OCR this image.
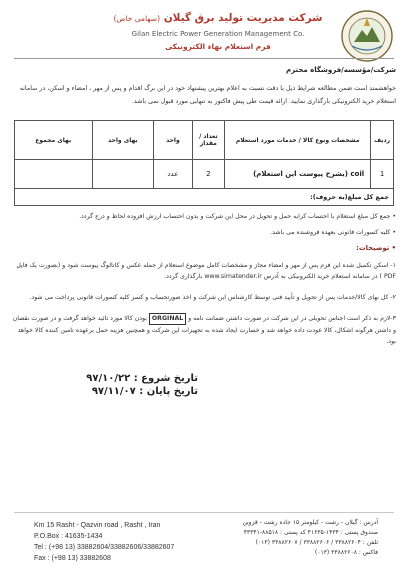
شرکت مدیریت تولید برق گیلان (سهامی خاص)
Gilan Electric Power Generation Management Co.
فرم استعلام بهاء الکترونیکی
شرکت/مؤسسه/فروشگاه محترم
خواهشمند است ضمن مطالعه شرایط ذیل با دقت نسبت به اعلام بهترین پیشنهاد خود در این برگ اقدام و پس از مهر ، امضاء و اسکن، در سامانه استعلام خرید الکترونیکی بارگذاری نمایید. ارائه قیمت طی پیش فاکتور به تنهایی مورد قبول نمی باشد.
ردیف	مشخصات ونوع کالا / خدمات مورد استعلام	تعداد / مقدار	واحد	بهای واحد	بهای مجموع
1	coil (بشرح پیوست این استعلام)	2	عدد		
جمع کل مبلغ(به حروف):					
• جمع کل مبلغ استعلام با احتساب کرایه حمل و تحویل در محل این شرکت و بدون احتساب ارزش افزوده لحاظ و درج گردد.
• کلیه کسورات قانونی بعهده فروشنده می باشد.
• توضیحات:
۱- اسکن تکمیل شده این فرم پس از مهر و امضاء مجاز و مشخصات کامل موضوع استعلام از جمله عکس و کاتالوگ پیوست شود و (بصورت یک فایل PDF ) در سامانه استعلام خرید الکترونیکی به آدرس www.simatender.ir بارگذاری گردد.
۲- کل بهای کالا/خدمات پس از تحویل و تأیید فنی توسط کارشناس این شرکت و اخذ صورتحساب و کسر کلیه کسورات قانونی پرداخت می شود.
۳-لازم به ذکر است اجناس تحویلی در این شرکت در صورت داشتن ضمانت نامه و ORGINAL بودن کالا مورد تائید خواهد گرفت و در صورت نقصان و داشتن هرگونه اشکال، کالا عودت داده خواهد شد و خسارت ایجاد شده به تجهیزات این شرکت و همچنین هزینه حمل برعهده تامین کننده کالا خواهد بود.
تاریخ شروع : ۹۷/۱۰/۲۲
تاریخ پایان : ۹۷/۱۱/۰۷
Km 15 Rasht - Qazvin road , Rasht , Iran
P.O.Box : 41635-1434
Tel : (+98 13) 33882604/33882606/33882607
Fax : (+98 13) 33882608
آدرس : گیلان - رشت - کیلومتر ۱۵ جاده رشت - قزوین
صندوق پستی : ۱۴۳۴-۴۱۶۳۵ کد پستی : ۸۸۵۱۸-۴۳۳۴۱
تلفن : ۳۳۸۸۲۶۰۴ / ۳۳۸۸۲۶۰۶ / ۳۳۸۸۲۶۰۷ (۰۱۳)
فاکس : ۳۳۸۸۲۶۰۸ (۰۱۳)
